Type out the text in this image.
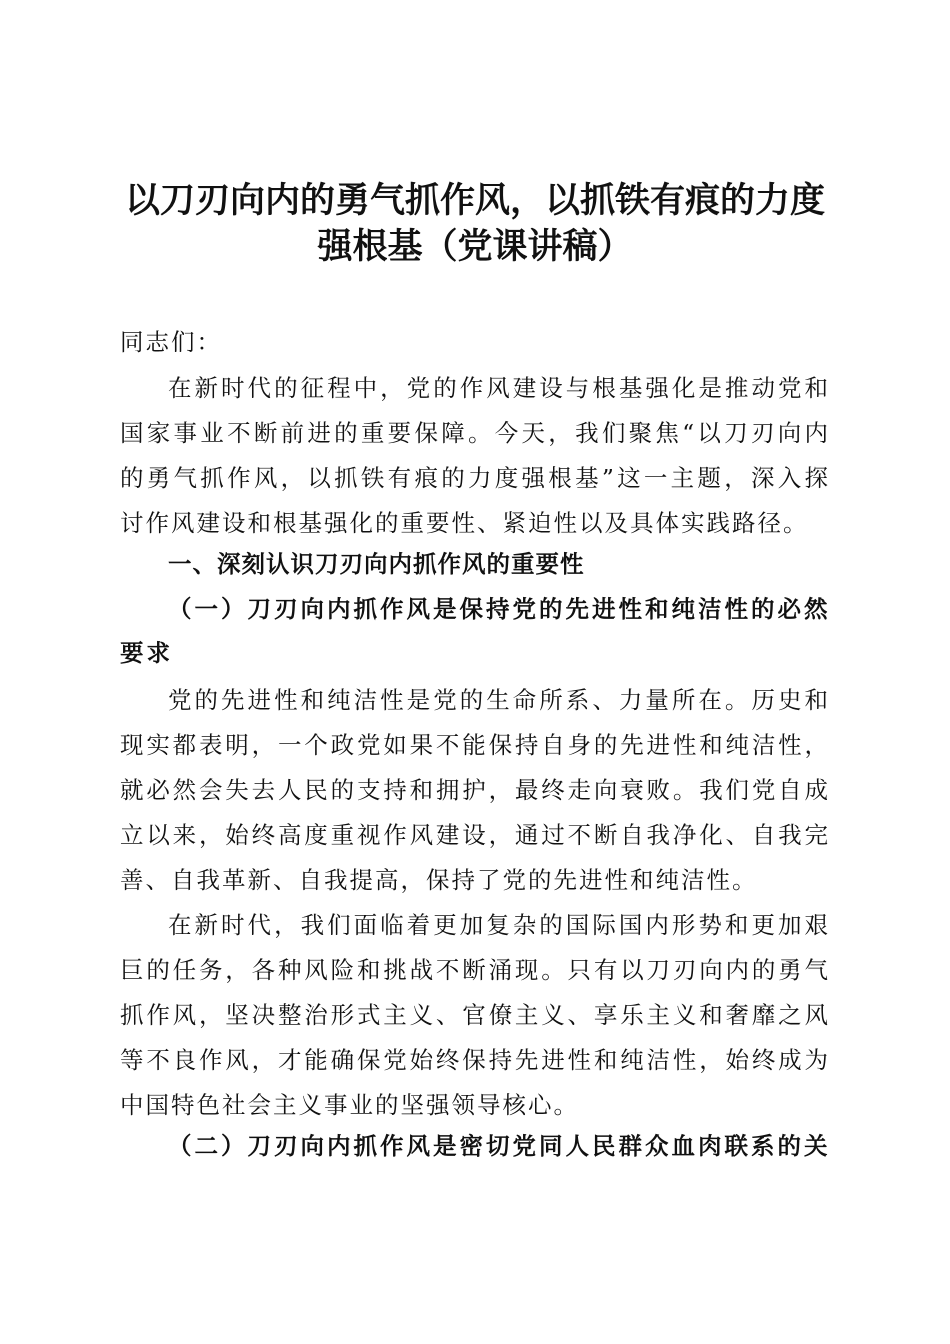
以刀刃向内的勇气抓作风，以抓铁有痕的力度
强根基（党课讲稿）
同志们：
在新时代的征程中，党的作风建设与根基强化是推动党和
国家事业不断前进的重要保障。今天，我们聚焦“以刀刃向内
的勇气抓作风，以抓铁有痕的力度强根基”这一主题，深入探
讨作风建设和根基强化的重要性、紧迫性以及具体实践路径。
一、深刻认识刀刃向内抓作风的重要性
（一）刀刃向内抓作风是保持党的先进性和纯洁性的必然
要求
党的先进性和纯洁性是党的生命所系、力量所在。历史和
现实都表明，一个政党如果不能保持自身的先进性和纯洁性，
就必然会失去人民的支持和拥护，最终走向衰败。我们党自成
立以来，始终高度重视作风建设，通过不断自我净化、自我完
善、自我革新、自我提高，保持了党的先进性和纯洁性。
在新时代，我们面临着更加复杂的国际国内形势和更加艰
巨的任务，各种风险和挑战不断涌现。只有以刀刃向内的勇气
抓作风，坚决整治形式主义、官僚主义、享乐主义和奢靡之风
等不良作风，才能确保党始终保持先进性和纯洁性，始终成为
中国特色社会主义事业的坚强领导核心。
（二）刀刃向内抓作风是密切党同人民群众血肉联系的关
